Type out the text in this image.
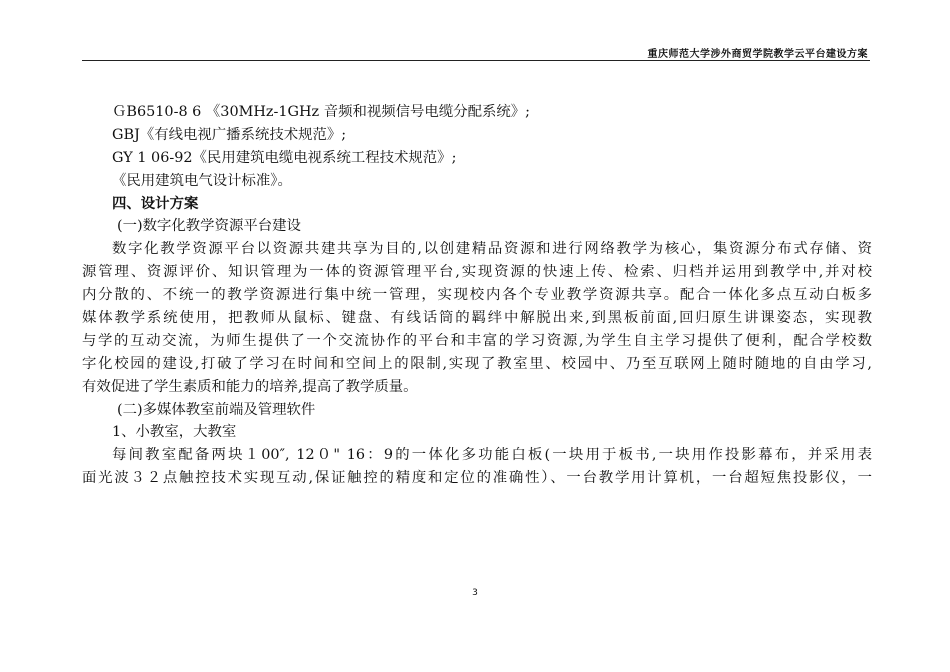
重庆师范大学涉外商贸学院教学云平台建设方案
ＧB6510-8 6 《30MHz-1GHz 音频和视频信号电缆分配系统》;
GBJ《有线电视广播系统技术规范》;
GY 1 06-92《民用建筑电缆电视系统工程技术规范》;
《民用建筑电气设计标准》。
四、设计方案
(一)数字化教学资源平台建设
数字化教学资源平台以资源共建共享为目的,以创建精品资源和进行网络教学为核心，集资源分布式存储、资
源管理、资源评价、知识管理为一体的资源管理平台,实现资源的快速上传、检索、归档并运用到教学中,并对校
内分散的、不统一的教学资源进行集中统一管理，实现校内各个专业教学资源共享。配合一体化多点互动白板多
媒体教学系统使用，把教师从鼠标、键盘、有线话筒的羁绊中解脱出来,到黑板前面,回归原生讲课姿态，实现教
与学的互动交流，为师生提供了一个交流协作的平台和丰富的学习资源,为学生自主学习提供了便利，配合学校数
字化校园的建设,打破了学习在时间和空间上的限制,实现了教室里、校园中、乃至互联网上随时随地的自由学习,
有效促进了学生素质和能力的培养,提高了教学质量。
(二)多媒体教室前端及管理软件
1、小教室，大教室
每间教室配备两块１00″, 12０" 16：9的一体化多功能白板(一块用于板书,一块用作投影幕布，并采用表
面光波３２点触控技术实现互动,保证触控的精度和定位的准确性）、一台教学用计算机，一台超短焦投影仪，一
3
